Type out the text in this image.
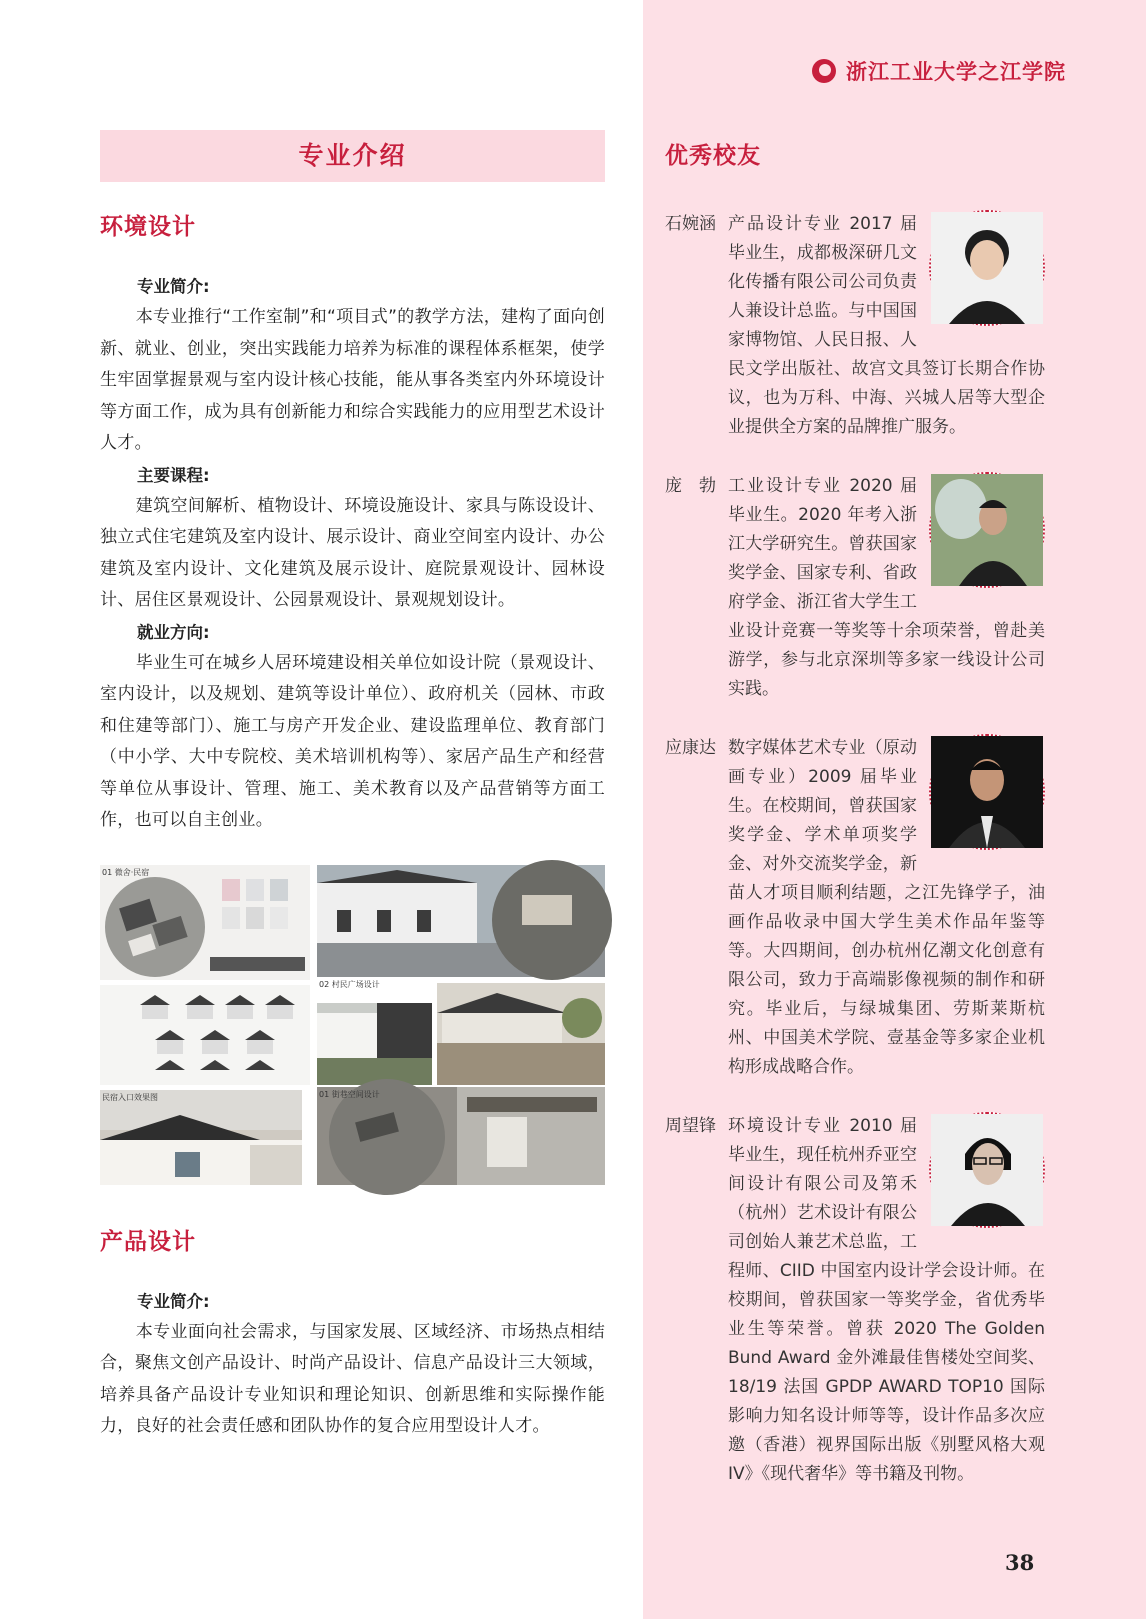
浙江工业大学之江学院
专业介绍
环境设计
专业简介:
本专业推行“工作室制”和“项目式”的教学方法，建构了面向创新、就业、创业，突出实践能力培养为标准的课程体系框架，使学生牢固掌握景观与室内设计核心技能，能从事各类室内外环境设计等方面工作，成为具有创新能力和综合实践能力的应用型艺术设计人才。
主要课程:
建筑空间解析、植物设计、环境设施设计、家具与陈设设计、独立式住宅建筑及室内设计、展示设计、商业空间室内设计、办公建筑及室内设计、文化建筑及展示设计、庭院景观设计、园林设计、居住区景观设计、公园景观设计、景观规划设计。
就业方向:
毕业生可在城乡人居环境建设相关单位如设计院（景观设计、室内设计，以及规划、建筑等设计单位）、政府机关（园林、市政和住建等部门）、施工与房产开发企业、建设监理单位、教育部门（中小学、大中专院校、美术培训机构等）、家居产品生产和经营等单位从事设计、管理、施工、美术教育以及产品营销等方面工作，也可以自主创业。
01 微舍·民宿
02 村民广场设计
民宿入口效果图	01 街巷空间设计
产品设计
专业简介:
本专业面向社会需求，与国家发展、区域经济、市场热点相结合，聚焦文创产品设计、时尚产品设计、信息产品设计三大领域，培养具备产品设计专业知识和理论知识、创新思维和实际操作能力，良好的社会责任感和团队协作的复合应用型设计人才。
优秀校友
石婉涵 产品设计专业 2017 届毕业生，成都极深研几文化传播有限公司公司负责人兼设计总监。与中国国家博物馆、人民日报、人民文学出版社、故宫文具签订长期合作协议，也为万科、中海、兴城人居等大型企业提供全方案的品牌推广服务。
庞　勃 工业设计专业 2020 届毕业生。2020 年考入浙江大学研究生。曾获国家奖学金、国家专利、省政府学金、浙江省大学生工业设计竞赛一等奖等十余项荣誉，曾赴美游学，参与北京深圳等多家一线设计公司实践。
应康达 数字媒体艺术专业（原动画专业）2009 届毕业生。在校期间，曾获国家奖学金、学术单项奖学金、对外交流奖学金，新苗人才项目顺利结题，之江先锋学子，油画作品收录中国大学生美术作品年鉴等等。大四期间，创办杭州亿潮文化创意有限公司，致力于高端影像视频的制作和研究。毕业后，与绿城集团、劳斯莱斯杭州、中国美术学院、壹基金等多家企业机构形成战略合作。
周望锋 环境设计专业 2010 届毕业生，现任杭州乔亚空间设计有限公司及第禾（杭州）艺术设计有限公司创始人兼艺术总监，工程师、CIID 中国室内设计学会设计师。在校期间，曾获国家一等奖学金，省优秀毕业生等荣誉。曾获 2020 The Golden Bund Award 金外滩最佳售楼处空间奖、18/19 法国 GPDP AWARD TOP10 国际影响力知名设计师等等，设计作品多次应邀（香港）视界国际出版《别墅风格大观 IV》《现代奢华》等书籍及刊物。
38
